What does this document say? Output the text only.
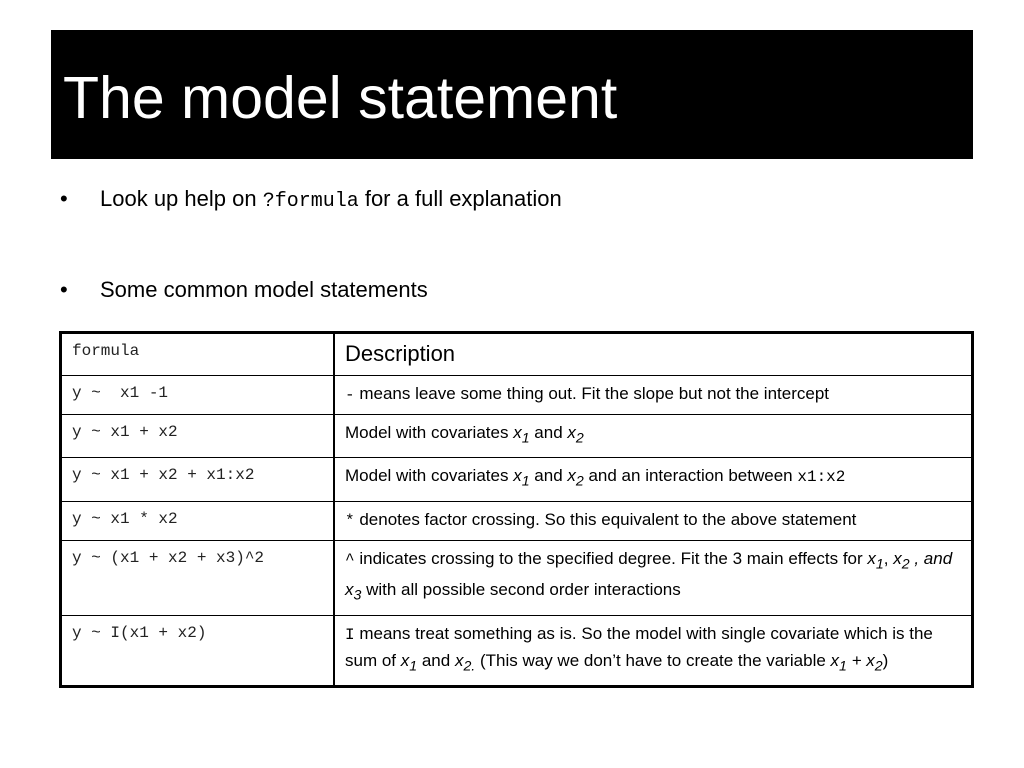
The model statement
• Look up help on ?formula for a full explanation
• Some common model statements
formula	Description
y ~  x1 -1	- means leave some thing out. Fit the slope but not the intercept
y ~ x1 + x2	Model with covariates $x_1$ and $x_2$
y ~ x1 + x2 + x1:x2	Model with covariates $x_1$ and $x_2$ and an interaction between x1:x2
y ~ x1 * x2	* denotes factor crossing. So this equivalent to the above statement
y ~ (x1 + x2 + x3)^2	^ indicates crossing to the specified degree. Fit the 3 main effects for $x_1$, $x_2$ , and $x_3$ with all possible second order interactions
y ~ I(x1 + x2)	I means treat something as is. So the model with single covariate which is the sum of $x_1$ and $x_{2.}$ (This way we don’t have to create the variable $x_1 + x_2$)
